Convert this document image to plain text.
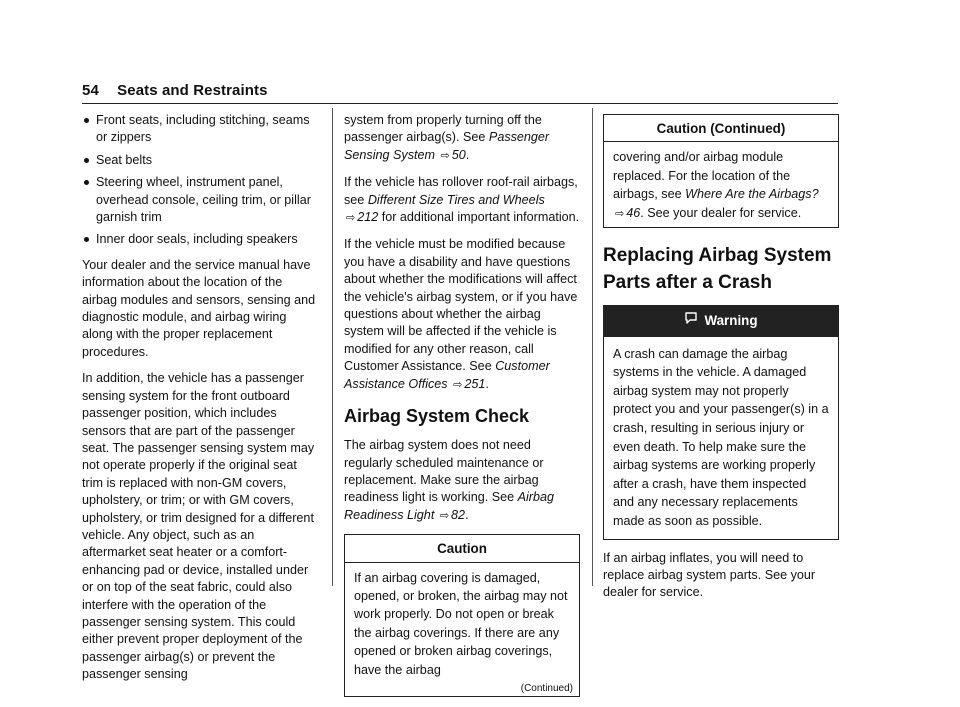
54 Seats and Restraints
Front seats, including stitching, seams or zippers
Seat belts
Steering wheel, instrument panel, overhead console, ceiling trim, or pillar garnish trim
Inner door seals, including speakers

Your dealer and the service manual have information about the location of the airbag modules and sensors, sensing and diagnostic module, and airbag wiring along with the proper replacement procedures.

In addition, the vehicle has a passenger sensing system for the front outboard passenger position, which includes sensors that are part of the passenger seat. The passenger sensing system may not operate properly if the original seat trim is replaced with non-GM covers, upholstery, or trim; or with GM covers, upholstery, or trim designed for a different vehicle. Any object, such as an aftermarket seat heater or a comfort-enhancing pad or device, installed under or on top of the seat fabric, could also interfere with the operation of the passenger sensing system. This could either prevent proper deployment of the passenger airbag(s) or prevent the passenger sensing

system from properly turning off the passenger airbag(s). See Passenger Sensing System ⇨ 50.

If the vehicle has rollover roof-rail airbags, see Different Size Tires and Wheels ⇨ 212 for additional important information.

If the vehicle must be modified because you have a disability and have questions about whether the modifications will affect the vehicle's airbag system, or if you have questions about whether the airbag system will be affected if the vehicle is modified for any other reason, call Customer Assistance. See Customer Assistance Offices ⇨ 251.

Airbag System Check

The airbag system does not need regularly scheduled maintenance or replacement. Make sure the airbag readiness light is working. See Airbag Readiness Light ⇨ 82.

Caution
If an airbag covering is damaged, opened, or broken, the airbag may not work properly. Do not open or break the airbag coverings. If there are any opened or broken airbag coverings, have the airbag
(Continued)
Caution (Continued)
covering and/or airbag module replaced. For the location of the airbags, see Where Are the Airbags? ⇨ 46. See your dealer for service.
Replacing Airbag System Parts after a Crash
Warning
A crash can damage the airbag systems in the vehicle. A damaged airbag system may not properly protect you and your passenger(s) in a crash, resulting in serious injury or even death. To help make sure the airbag systems are working properly after a crash, have them inspected and any necessary replacements made as soon as possible.

If an airbag inflates, you will need to replace airbag system parts. See your dealer for service.
